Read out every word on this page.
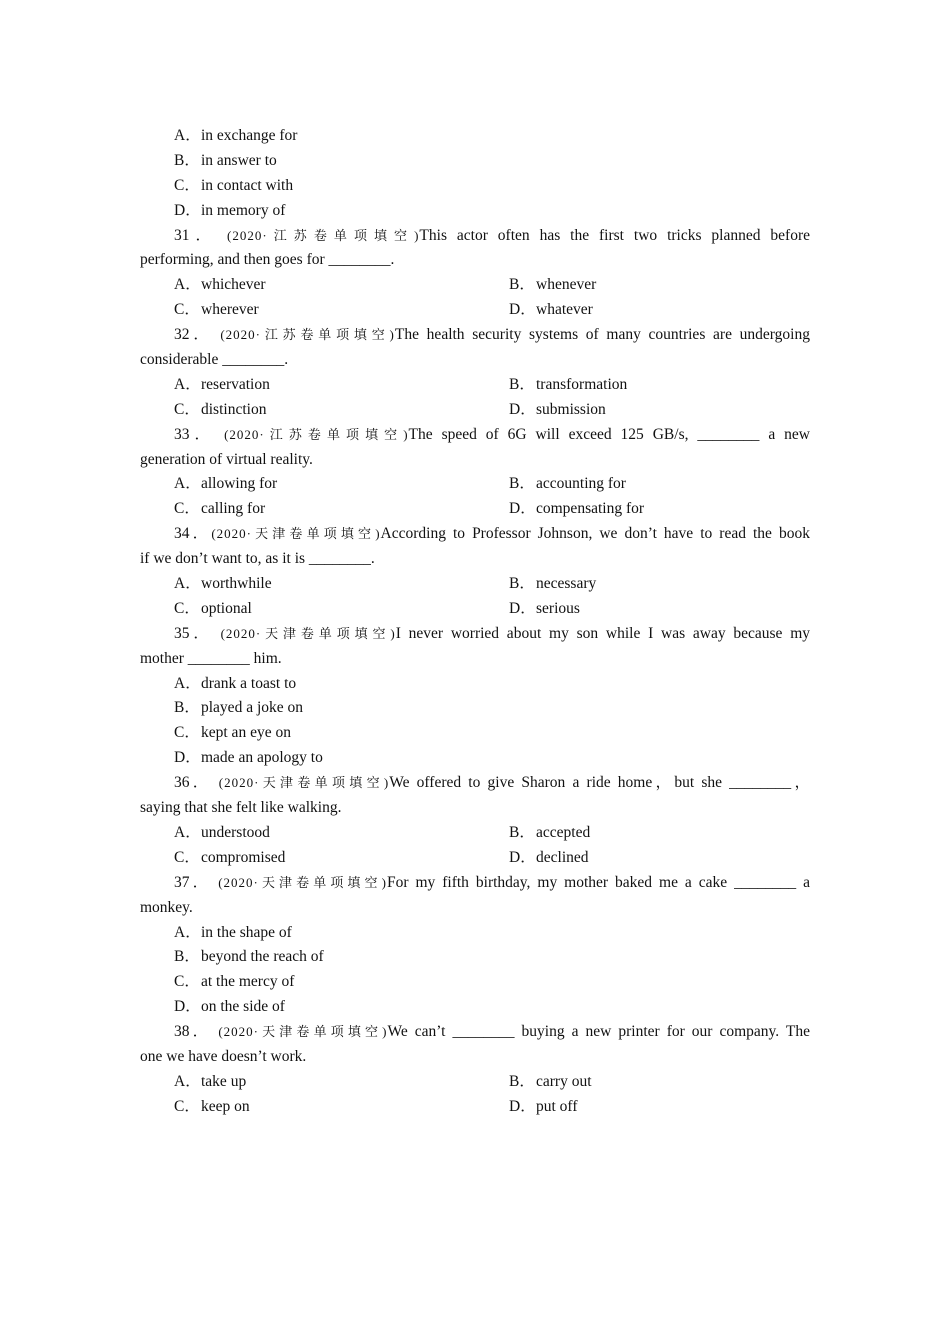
A．in exchange for
B．in answer to
C．in contact with
D．in memory of
31． (2020·江苏卷单项填空)This actor often has the first two tricks planned before
performing, and then goes for ________.
A．whichever	B．whenever
C．wherever	D．whatever
32． (2020·江苏卷单项填空)The health security systems of many countries are undergoing
considerable ________.
A．reservation	B．transformation
C．distinction	D．submission
33． (2020·江苏卷单项填空)The speed of 6G will exceed 125 GB/s, ________ a new
generation of virtual reality.
A．allowing for	B．accounting for
C．calling for	D．compensating for
34．(2020·天津卷单项填空)According to Professor Johnson, we don’t have to read the book
if we don’t want to, as it is ________.
A．worthwhile	B．necessary
C．optional	D．serious
35． (2020·天津卷单项填空)I never worried about my son while I was away because my
mother ________ him.
A．drank a toast to
B．played a joke on
C．kept an eye on
D．made an apology to
36． (2020·天津卷单项填空)We offered to give Sharon a ride home，but she ________，
saying that she felt like walking.
A．understood	B．accepted
C．compromised	D．declined
37． (2020·天津卷单项填空)For my fifth birthday, my mother baked me a cake ________ a
monkey.
A．in the shape of
B．beyond the reach of
C．at the mercy of
D．on the side of
38． (2020·天津卷单项填空)We can’t ________ buying a new printer for our company. The
one we have doesn’t work.
A．take up	B．carry out
C．keep on	D．put off
